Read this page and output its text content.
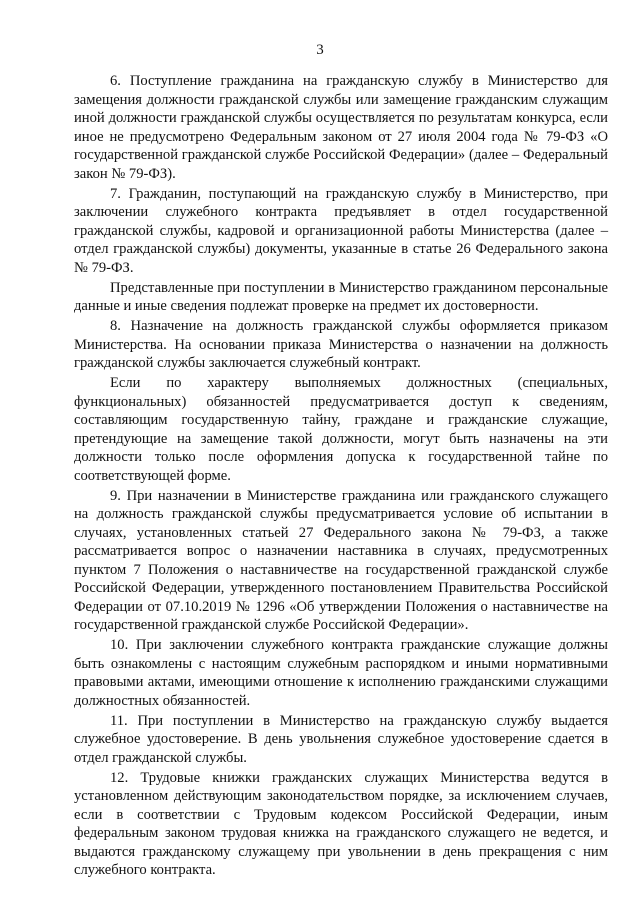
3

6. Поступление гражданина на гражданскую службу в Министерство для замещения должности гражданской службы или замещение гражданским служащим иной должности гражданской службы осуществляется по результатам конкурса, если иное не предусмотрено Федеральным законом от 27 июля 2004 года № 79-ФЗ «О государственной гражданской службе Российской Федерации» (далее – Федеральный закон № 79-ФЗ).

7. Гражданин, поступающий на гражданскую службу в Министерство, при заключении служебного контракта предъявляет в отдел государственной гражданской службы, кадровой и организационной работы Министерства (далее – отдел гражданской службы) документы, указанные в статье 26 Федерального закона № 79-ФЗ.

Представленные при поступлении в Министерство гражданином персональные данные и иные сведения подлежат проверке на предмет их достоверности.

8. Назначение на должность гражданской службы оформляется приказом Министерства. На основании приказа Министерства о назначении на должность гражданской службы заключается служебный контракт.

Если по характеру выполняемых должностных (специальных, функциональных) обязанностей предусматривается доступ к сведениям, составляющим государственную тайну, граждане и гражданские служащие, претендующие на замещение такой должности, могут быть назначены на эти должности только после оформления допуска к государственной тайне по соответствующей форме.

9. При назначении в Министерстве гражданина или гражданского служащего на должность гражданской службы предусматривается условие об испытании в случаях, установленных статьей 27 Федерального закона № 79-ФЗ, а также рассматривается вопрос о назначении наставника в случаях, предусмотренных пунктом 7 Положения о наставничестве на государственной гражданской службе Российской Федерации, утвержденного постановлением Правительства Российской Федерации от 07.10.2019 № 1296 «Об утверждении Положения о наставничестве на государственной гражданской службе Российской Федерации».

10. При заключении служебного контракта гражданские служащие должны быть ознакомлены с настоящим служебным распорядком и иными нормативными правовыми актами, имеющими отношение к исполнению гражданскими служащими должностных обязанностей.

11. При поступлении в Министерство на гражданскую службу выдается служебное удостоверение. В день увольнения служебное удостоверение сдается в отдел гражданской службы.

12. Трудовые книжки гражданских служащих Министерства ведутся в установленном действующим законодательством порядке, за исключением случаев, если в соответствии с Трудовым кодексом Российской Федерации, иным федеральным законом трудовая книжка на гражданского служащего не ведется, и выдаются гражданскому служащему при увольнении в день прекращения с ним служебного контракта.
